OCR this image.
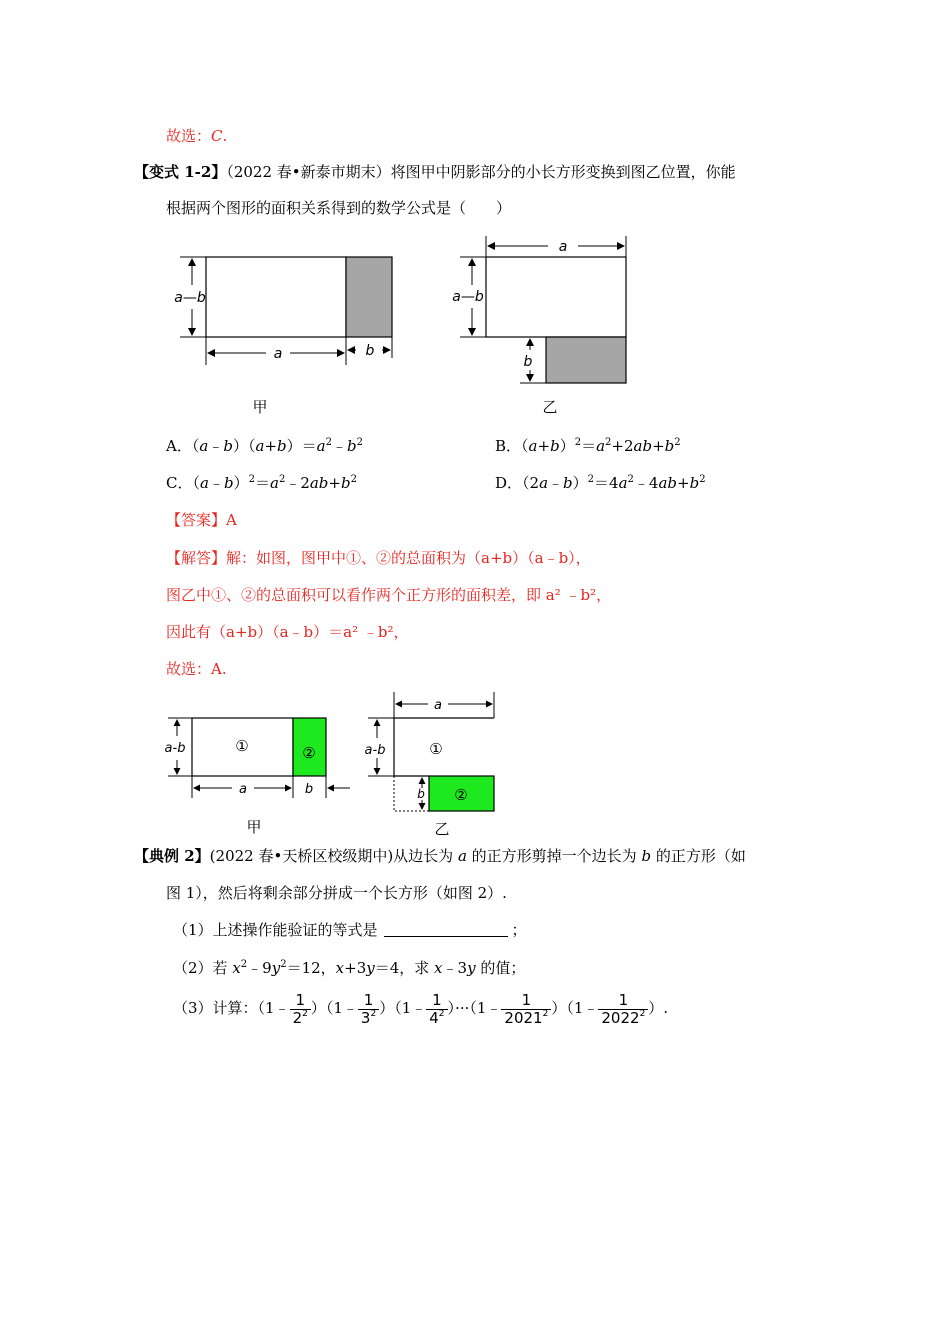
故选：C.
【变式 1-2】（2022 春•新泰市期末）将图甲中阴影部分的小长方形变换到图乙位置，你能
根据两个图形的面积关系得到的数学公式是（　　）
a—b
a	b
甲
a
a—b
b
乙
A．$(a﹣b)(a+b)=a^2﹣b^2$	B．$(a+b)^2=a^2+2ab+b^2$
C．$(a﹣b)^2=a^2﹣2ab+b^2$	D．$(2a﹣b)^2=4a^2﹣4ab+b^2$
【答案】A
【解答】解：如图，图甲中①、②的总面积为（a+b）（a﹣b），
图乙中①、②的总面积可以看作两个正方形的面积差，即 a² ﹣b²，
因此有（a+b）（a﹣b）＝a² ﹣b²，
故选：A.
①	②
a-b
a	b
甲
①
②
a
a-b
b
乙
【典例 2】(2022 春•天桥区校级期中)从边长为 a 的正方形剪掉一个边长为 b 的正方形（如
图 1），然后将剩余部分拼成一个长方形（如图 2）.
（1）上述操作能验证的等式是	；
（2）若 $x^2﹣9y^2=12$，x+3y＝4，求 x﹣3y 的值；
（3）计算：（1﹣ $\frac{1}{2^2}$ ）（1﹣ $\frac{1}{3^2}$ ）（1﹣ $\frac{1}{4^2}$ ）···（1﹣ $\frac{1}{2021^2}$ ）（1﹣ $\frac{1}{2022^2}$ ）.
